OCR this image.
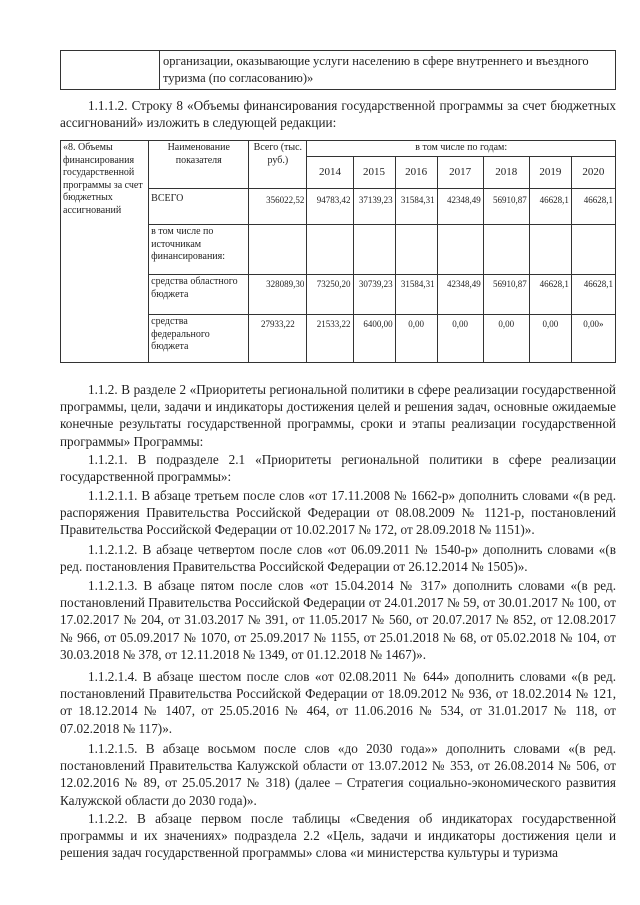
	организации, оказывающие услуги населению в сфере внутреннего и въездного туризма (по согласованию)»

1.1.1.2. Строку 8 «Объемы финансирования государственной программы за счет бюджетных ассигнований» изложить в следующей редакции:

«8. Объемы финансирования государственной программы за счет бюджетных ассигнований	Наименование показателя	Всего (тыс. руб.)	в том числе по годам:						
			2014	2015	2016	2017	2018	2019	2020
	ВСЕГО	356022,52	94783,42	37139,23	31584,31	42348,49	56910,87	46628,1	46628,1
	в том числе по источникам финансирования:								
	средства областного бюджета	328089,30	73250,20	30739,23	31584,31	42348,49	56910,87	46628,1	46628,1
	средства федерального бюджета	27933,22	21533,22	6400,00	0,00	0,00	0,00	0,00	0,00»

1.1.2. В разделе 2 «Приоритеты региональной политики в сфере реализации государственной программы, цели, задачи и индикаторы достижения целей и решения задач, основные ожидаемые конечные результаты государственной программы, сроки и этапы реализации государственной программы» Программы:

1.1.2.1. В подразделе 2.1 «Приоритеты региональной политики в сфере реализации государственной программы»:

1.1.2.1.1. В абзаце третьем после слов «от 17.11.2008 № 1662-р» дополнить словами «(в ред. распоряжения Правительства Российской Федерации от 08.08.2009 № 1121-р, постановлений Правительства Российской Федерации от 10.02.2017 № 172, от 28.09.2018 № 1151)».

1.1.2.1.2. В абзаце четвертом после слов «от 06.09.2011 № 1540-р» дополнить словами «(в ред. постановления Правительства Российской Федерации от 26.12.2014 № 1505)».

1.1.2.1.3. В абзаце пятом после слов «от 15.04.2014 № 317» дополнить словами «(в ред. постановлений Правительства Российской Федерации от 24.01.2017 № 59, от 30.01.2017 № 100, от 17.02.2017 № 204, от 31.03.2017 № 391, от 11.05.2017 № 560, от 20.07.2017 № 852, от 12.08.2017 № 966, от 05.09.2017 № 1070, от 25.09.2017 № 1155, от 25.01.2018 № 68, от 05.02.2018 № 104, от 30.03.2018 № 378, от 12.11.2018 № 1349, от 01.12.2018 № 1467)».

1.1.2.1.4. В абзаце шестом после слов «от 02.08.2011 № 644» дополнить словами «(в ред. постановлений Правительства Российской Федерации от 18.09.2012 № 936, от 18.02.2014 № 121, от 18.12.2014 № 1407, от 25.05.2016 № 464, от 11.06.2016 № 534, от 31.01.2017 № 118, от 07.02.2018 № 117)».

1.1.2.1.5. В абзаце восьмом после слов «до 2030 года»» дополнить словами «(в ред. постановлений Правительства Калужской области от 13.07.2012 № 353, от 26.08.2014 № 506, от 12.02.2016 № 89, от 25.05.2017 № 318) (далее – Стратегия социально-экономического развития Калужской области до 2030 года)».

1.1.2.2. В абзаце первом после таблицы «Сведения об индикаторах государственной программы и их значениях» подраздела 2.2 «Цель, задачи и индикаторы достижения цели и решения задач государственной программы» слова «и министерства культуры и туризма
